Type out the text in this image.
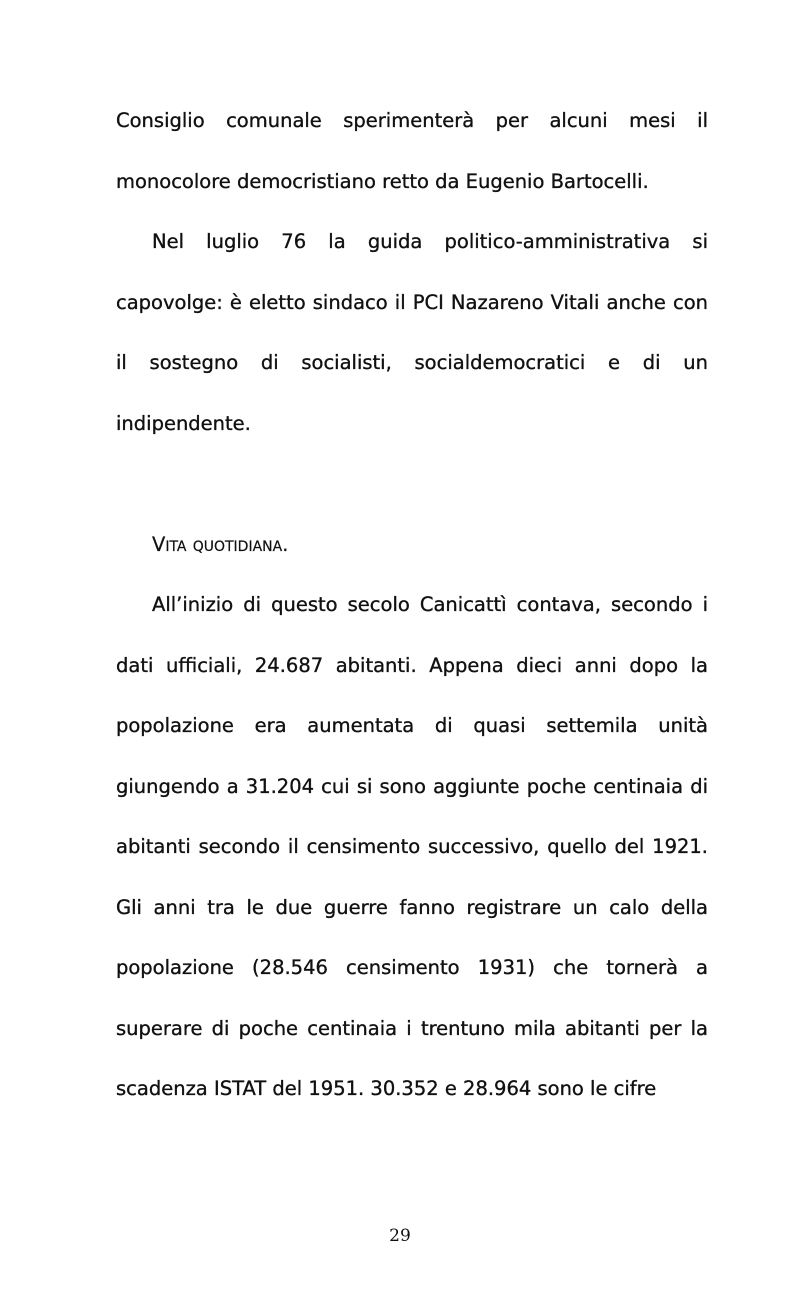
Consiglio comunale sperimenterà per alcuni mesi il monocolore democristiano retto da Eugenio Bartocelli.

Nel luglio 76 la guida politico-amministrativa si capovolge: è eletto sindaco il PCI Nazareno Vitali anche con il sostegno di socialisti, socialdemocratici e di un indipendente.

Vita quotidiana.

All’inizio di questo secolo Canicattì contava, secondo i dati ufficiali, 24.687 abitanti. Appena dieci anni dopo la popolazione era aumentata di quasi settemila unità giungendo a 31.204 cui si sono aggiunte poche centinaia di abitanti secondo il censimento successivo, quello del 1921. Gli anni tra le due guerre fanno registrare un calo della popolazione (28.546 censimento 1931) che tornerà a superare di poche centinaia i trentuno mila abitanti per la scadenza ISTAT del 1951. 30.352 e 28.964 sono le cifre

29
